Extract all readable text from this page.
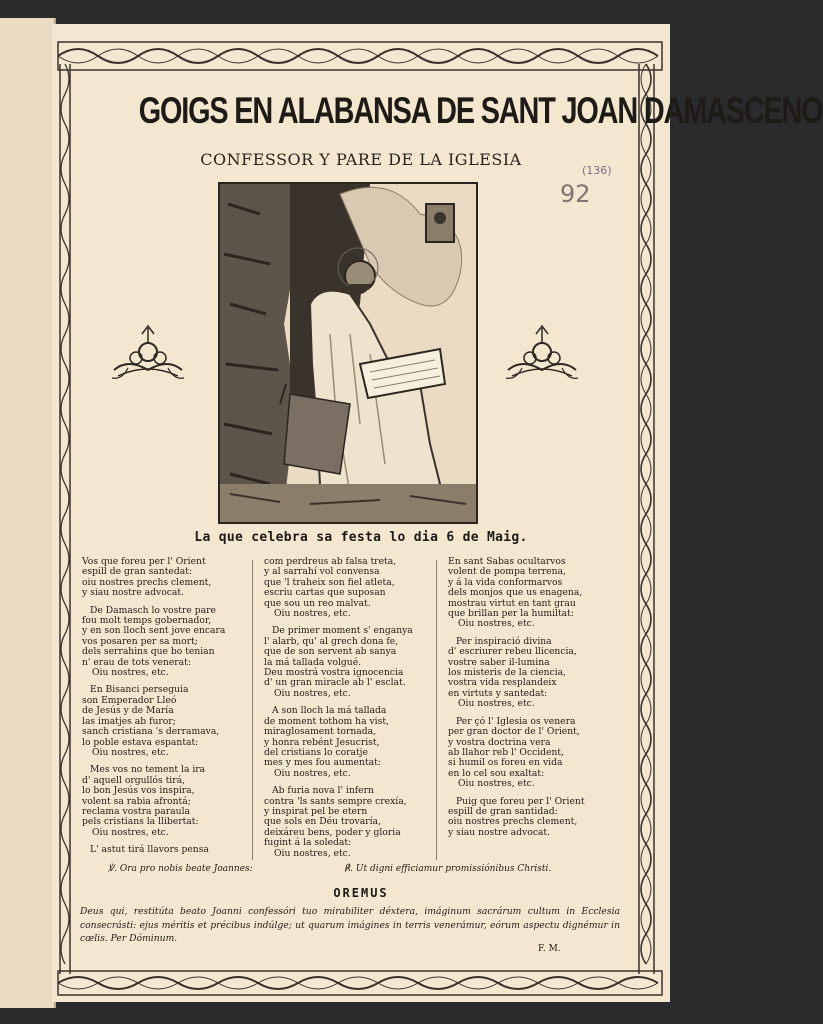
GOIGS EN ALABANSA DE SANT JOAN DAMASCENO
CONFESSOR Y PARE DE LA IGLESIA
(136)
92
La que celebra sa festa lo dia 6 de Maig.
Vos que foreu per l' Orient
espill de gran santedat:
oiu nostres prechs clement,
y siau nostre advocat.
De Damasch lo vostre pare
fou molt temps gobernador,
y en son lloch sent jove encara
vos posaren per sa mort;
dels serrahins que bo tenian
n' erau de tots venerat:
Oiu nostres, etc.
En Bisanci perseguia
son Emperador Lleó
de Jesús y de María
las imatjes ab furor;
sanch cristiana 's derramava,
lo poble estava espantat:
Oiu nostres, etc.
Mes vos no tement la ira
d' aquell orgullós tirá,
lo bon Jesús vos inspira,
volent sa rabia afrontá;
reclama vostra paraula
pels cristians la llibertat:
Oiu nostres, etc.
L' astut tirá llavors pensa
com perdreus ab falsa treta,
y al sarrahí vol convensa
que 'l traheix son fiel atleta,
escriu cartas que suposan
que sou un reo malvat.
Oiu nostres, etc.
De primer moment s' enganya
l' alarb, qu' al grech dona fe,
que de son servent ab sanya
la má tallada volgué.
Deu mostrá vostra ignocencia
d' un gran miracle ab l' esclat.
Oiu nostres, etc.
A son lloch la má tallada
de moment tothom ha vist,
miraglosament tornada,
y honra rebént Jesucrist,
del cristians lo coratje
mes y mes fou aumentat:
Oiu nostres, etc.
Ab furia nova l' infern
contra 'ls sants sempre crexía,
y inspirat pel be etern
que sols en Déu trovaría,
deixáreu bens, poder y gloria
fugint á la soledat:
Oiu nostres, etc.
En sant Sabas ocultarvos
volent de pompa terrena,
y á la vida conformarvos
dels monjos que us enagena,
mostrau virtut en tant grau
que brillan per la humiltat:
Oiu nostres, etc.
Per inspiració divina
d' escriurer rebeu llicencia,
vostre saber il-lumina
los misteris de la ciencia,
vostra vida resplandeix
en virtuts y santedat:
Oiu nostres, etc.
Per çó l' Iglesia os venera
per gran doctor de l' Orient,
y vostra doctrina vera
ab llahor reb l' Occident,
si humil os foreu en vida
en lo cel sou exaltat:
Oiu nostres, etc.
Puig que foreu per l' Orient
espill de gran santidad:
oiu nostres prechs clement,
y siau nostre advocat.
℣. Ora pro nobis beate Joannes:	℟. Ut digni efficiamur promissiónibus Christi.
OREMUS
Deus qui, restitúta beato Joanni confessóri tuo mirabiliter déxtera, imáginum sacrárum cultum in Ecclesia consecrásti: ejus méritis et précibus indúlge; ut quarum imágines in terris venerámur, eórum aspectu dignémur in cœlis. Per Dóminum.
F. M.
